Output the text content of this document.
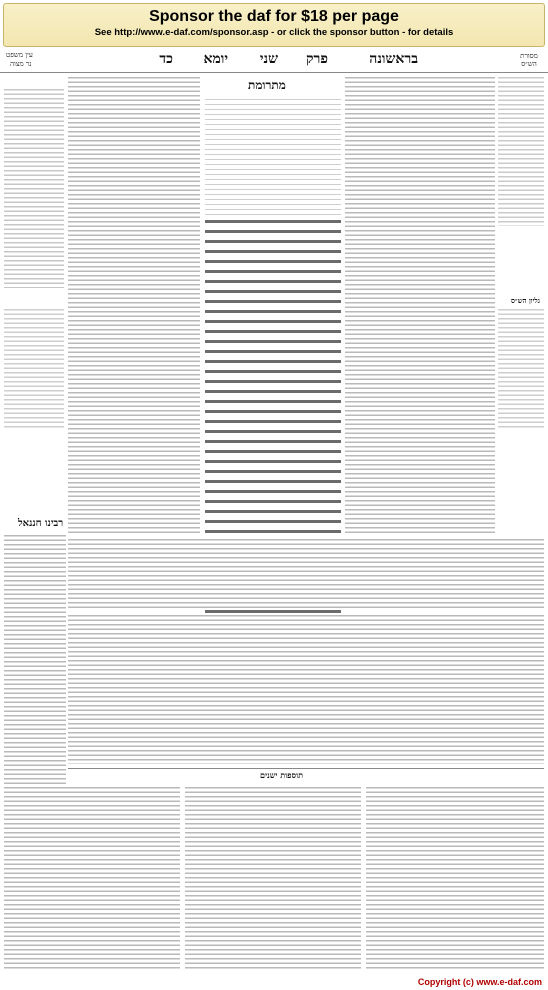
Sponsor the daf for $18 per page
See http://www.e-daf.com/sponsor.asp - or click the sponsor button - for details
בראשונה
פרק
שני
יומא
כד
עין משפט
נר מצוה
מסורת הש״ס
רבינו חננאל
מתרומת
גליון הש״ס
תוספות ישנים
Copyright (c) www.e-daf.com
